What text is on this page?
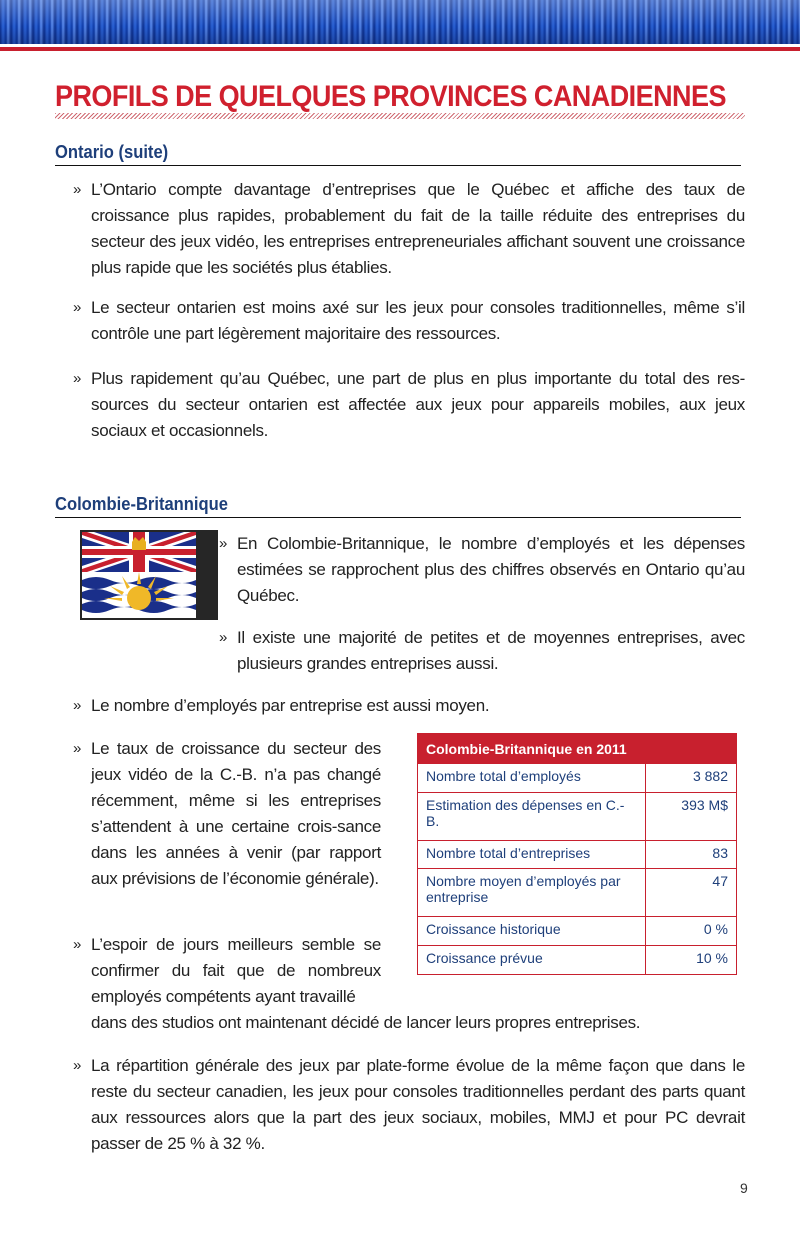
PROFILS DE QUELQUES PROVINCES CANADIENNES
Ontario (suite)
» L’Ontario compte davantage d’entreprises que le Québec et affiche des taux de croissance plus rapides, probablement du fait de la taille réduite des entreprises du secteur des jeux vidéo, les entreprises entrepreneuriales affichant souvent une croissance plus rapide que les sociétés plus établies.
» Le secteur ontarien est moins axé sur les jeux pour consoles traditionnelles, même s’il contrôle une part légèrement majoritaire des ressources.
» Plus rapidement qu’au Québec, une part de plus en plus importante du total des res-sources du secteur ontarien est affectée aux jeux pour appareils mobiles, aux jeux sociaux et occasionnels.
Colombie-Britannique
» En Colombie-Britannique, le nombre d’employés et les dépenses estimées se rapprochent plus des chiffres observés en Ontario qu’au Québec.
» Il existe une majorité de petites et de moyennes entreprises, avec plusieurs grandes entreprises aussi.
» Le nombre d’employés par entreprise est aussi moyen.
» Le taux de croissance du secteur des jeux vidéo de la C.-B. n’a pas changé récemment, même si les entreprises s’attendent à une certaine crois-sance dans les années à venir (par rapport aux prévisions de l’économie générale).
» L’espoir de jours meilleurs semble se confirmer du fait que de nombreux employés compétents ayant travaillé
dans des studios ont maintenant décidé de lancer leurs propres entreprises.
» La répartition générale des jeux par plate-forme évolue de la même façon que dans le reste du secteur canadien, les jeux pour consoles traditionnelles perdant des parts quant aux ressources alors que la part des jeux sociaux, mobiles, MMJ et pour PC devrait passer de 25 % à 32 %.
Colombie-Britannique en 2011	
Nombre total d’employés	3 882
Estimation des dépenses en C.-B.	393 M$
Nombre total d’entreprises	83
Nombre moyen d’employés par entreprise	47
Croissance historique	0 %
Croissance prévue	10 %
9
